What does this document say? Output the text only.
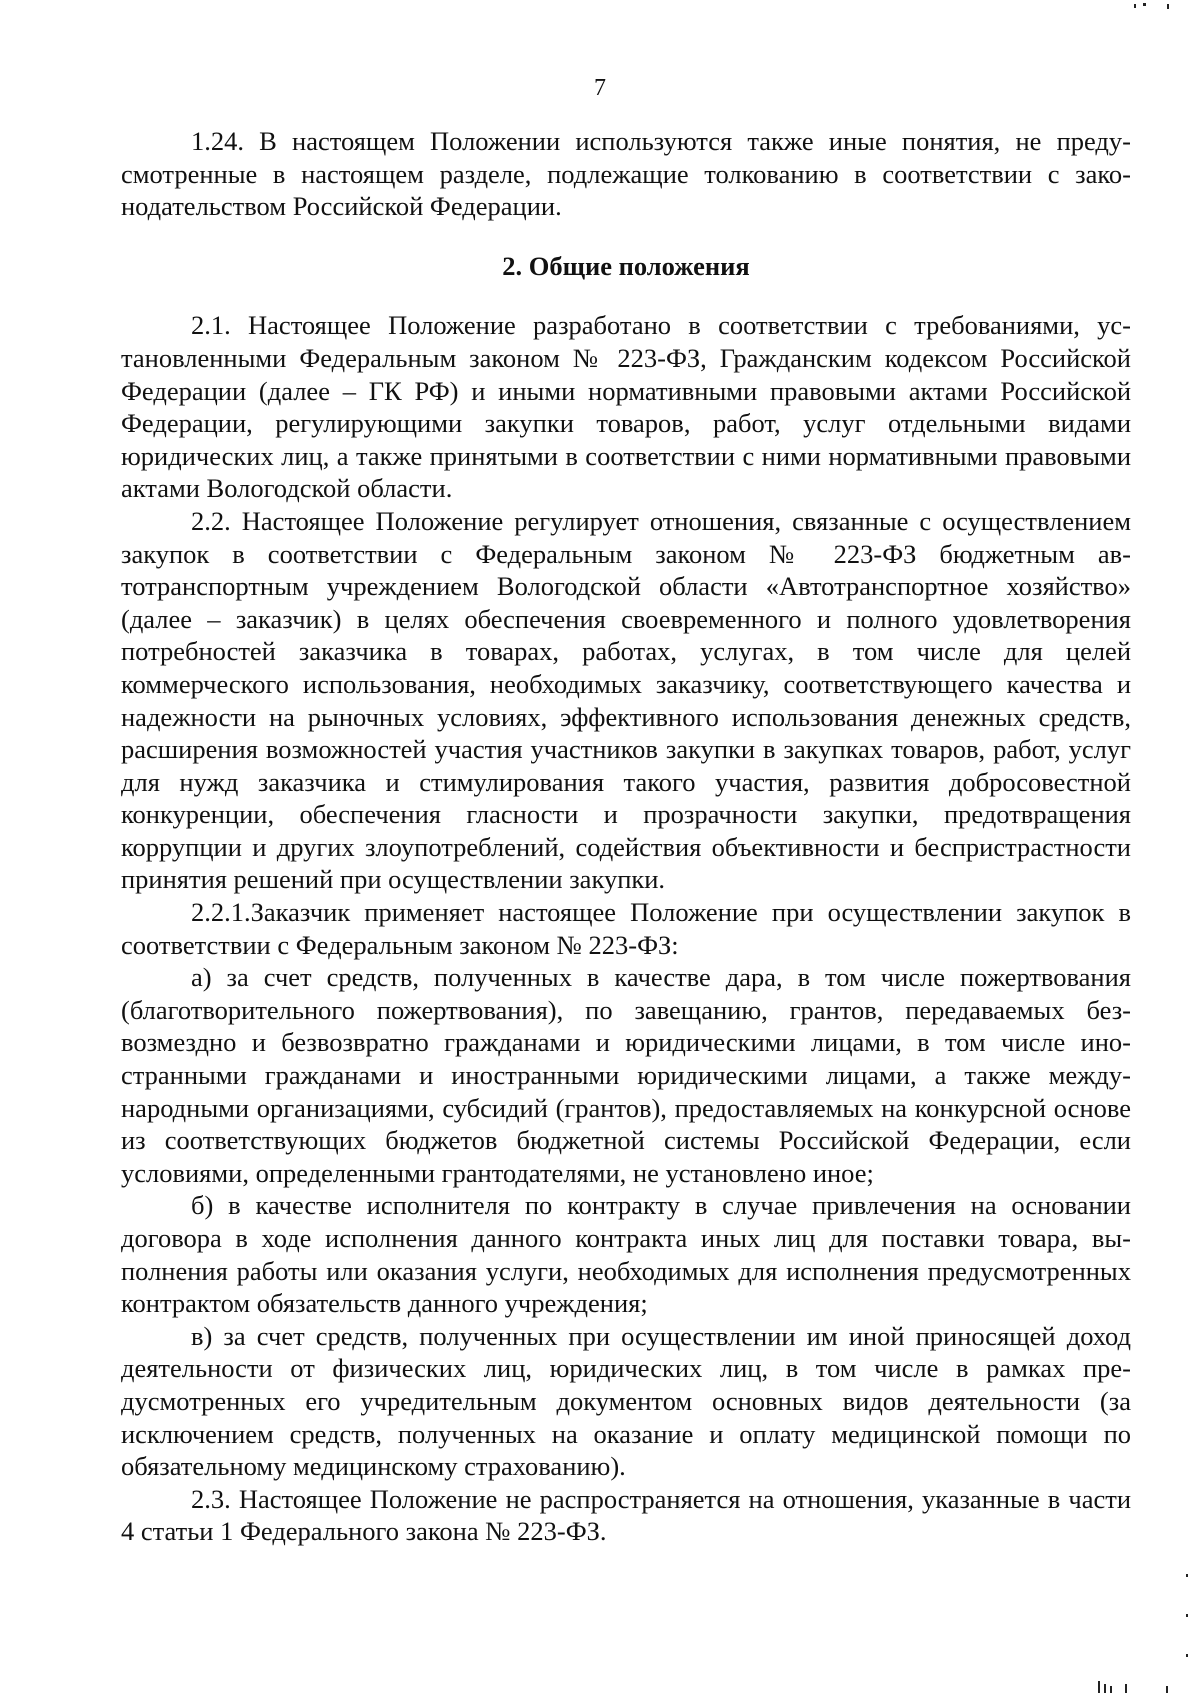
7

1.24. В настоящем Положении используются также иные понятия, не предусмотренные в настоящем разделе, подлежащие толкованию в соответствии с законодательством Российской Федерации.

2. Общие положения

2.1. Настоящее Положение разработано в соответствии с требованиями, установленными Федеральным законом № 223-ФЗ, Гражданским кодексом Российской Федерации (далее – ГК РФ) и иными нормативными правовыми актами Российской Федерации, регулирующими закупки товаров, работ, услуг отдельными видами юридических лиц, а также принятыми в соответствии с ними нормативными правовыми актами Вологодской области.

2.2. Настоящее Положение регулирует отношения, связанные с осуществлением закупок в соответствии с Федеральным законом № 223-ФЗ бюджетным автотранспортным учреждением Вологодской области «Автотранспортное хозяйство» (далее – заказчик) в целях обеспечения своевременного и полного удовлетворения потребностей заказчика в товарах, работах, услугах, в том числе для целей коммерческого использования, необходимых заказчику, соответствующего качества и надежности на рыночных условиях, эффективного использования денежных средств, расширения возможностей участия участников закупки в закупках товаров, работ, услуг для нужд заказчика и стимулирования такого участия, развития добросовестной конкуренции, обеспечения гласности и прозрачности закупки, предотвращения коррупции и других злоупотреблений, содействия объективности и беспристрастности принятия решений при осуществлении закупки.

2.2.1.Заказчик применяет настоящее Положение при осуществлении закупок в соответствии с Федеральным законом № 223-ФЗ:

а) за счет средств, полученных в качестве дара, в том числе пожертвования (благотворительного пожертвования), по завещанию, грантов, передаваемых безвозмездно и безвозвратно гражданами и юридическими лицами, в том числе иностранными гражданами и иностранными юридическими лицами, а также международными организациями, субсидий (грантов), предоставляемых на конкурсной основе из соответствующих бюджетов бюджетной системы Российской Федерации, если условиями, определенными грантодателями, не установлено иное;

б) в качестве исполнителя по контракту в случае привлечения на основании договора в ходе исполнения данного контракта иных лиц для поставки товара, выполнения работы или оказания услуги, необходимых для исполнения предусмотренных контрактом обязательств данного учреждения;

в) за счет средств, полученных при осуществлении им иной приносящей доход деятельности от физических лиц, юридических лиц, в том числе в рамках предусмотренных его учредительным документом основных видов деятельности (за исключением средств, полученных на оказание и оплату медицинской помощи по обязательному медицинскому страхованию).

2.3. Настоящее Положение не распространяется на отношения, указанные в части 4 статьи 1 Федерального закона № 223-ФЗ.
